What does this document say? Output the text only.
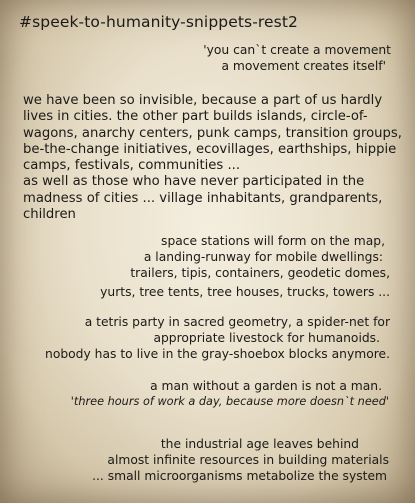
#speek-to-humanity-snippets-rest2
'you can`t create a movement
a movement creates itself'
we have been so invisible, because a part of us hardly
lives in cities. the other part builds islands, circle-of-
wagons, anarchy centers, punk camps, transition groups,
be-the-change initiatives, ecovillages, earthships, hippie
camps, festivals, communities ...
as well as those who have never participated in the
madness of cities ... village inhabitants, grandparents,
children
space stations will form on the map,
a landing-runway for mobile dwellings:
trailers, tipis, containers, geodetic domes,
yurts, tree tents, tree houses, trucks, towers ...
a tetris party in sacred geometry, a spider-net for
appropriate livestock for humanoids.
nobody has to live in the gray-shoebox blocks anymore.
a man without a garden is not a man.
'three hours of work a day, because more doesn`t need'
the industrial age leaves behind
almost infinite resources in building materials
... small microorganisms metabolize the system
